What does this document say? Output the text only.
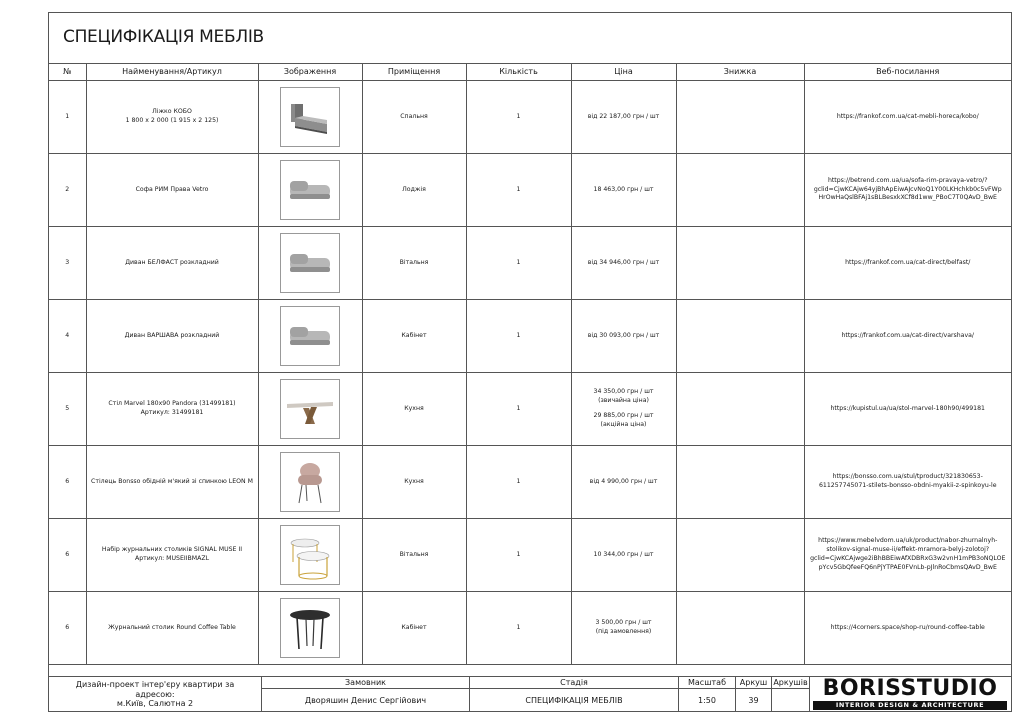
СПЕЦИФІКАЦІЯ МЕБЛІВ
№	Найменування/Артикул	Зображення	Приміщення	Кількість	Ціна	Знижка	Веб-посилання
1	Ліжко КОБО
1 800 х 2 000 (1 915 х 2 125)		Спальня	1	від 22 187,00 грн / шт		https://frankof.com.ua/cat-mebli-horeca/kobo/

2	Софа РИМ Права Vetro		Лоджія	1	18 463,00 грн / шт		https://betrend.com.ua/ua/sofa-rim-pravaya-vetro/?
gclid=CjwKCAjw64yjBhApEiwAJcvNoQ1Y00LKHchkb0c5vFWp
HrOwHaQslBFAj1sBLBesxkXCf8d1ww_PBoC7T0QAvD_BwE

3	Диван БЕЛФАСТ розкладний		Вітальня	1	від 34 946,00 грн / шт		https://frankof.com.ua/cat-direct/belfast/

4	Диван ВАРШАВА розкладний		Кабінет	1	від 30 093,00 грн / шт		https://frankof.com.ua/cat-direct/varshava/

5	Стіл Marvel 180x90 Pandora (31499181)
Артикул: 31499181		Кухня	1	34 350,00 грн / шт
(звичайна ціна)
29 885,00 грн / шт
(акційна ціна)		https://kupistul.ua/ua/stol-marvel-180h90/499181

6	Стілець Bonsso обідній м'який зі спинкою LEON M		Кухня	1	від 4 990,00 грн / шт		https://bonsso.com.ua/stul/tproduct/321830653-
611257745071-stilets-bonsso-obdni-myakii-z-spinkoyu-le

6	Набір журнальних столиків SIGNAL MUSE II
Артикул: MUSEIIBMAZL		Вітальня	1	10 344,00 грн / шт		https://www.mebelvdom.ua/uk/product/nabor-zhurnalnyh-
stolikov-signal-muse-ii/effekt-mramora-belyj-zolotoj?
gclid=CjwKCAjwge2iBhBBEiwAfXDBRxG3w2vnH1mPB3oNQLOE
pYcv5GbQfeeFQ6nPjYTPAE0FVnLb-pJlnRoCbmsQAvD_BwE

6	Журнальний столик Round Coffee Table		Кабінет	1	3 500,00 грн / шт
(під замовлення)		https://4corners.space/shop-ru/round-coffee-table
Дизайн-проект інтер'єру квартири за
адресою:
м.Київ, Салютна 2
Замовник
Дворяшин Денис Сергійович
Стадія
СПЕЦИФІКАЦІЯ МЕБЛІВ
Масштаб
1:50
Аркуш
39
Аркушів BORISSTUDIO
INTERIOR DESIGN & ARCHITECTURE
